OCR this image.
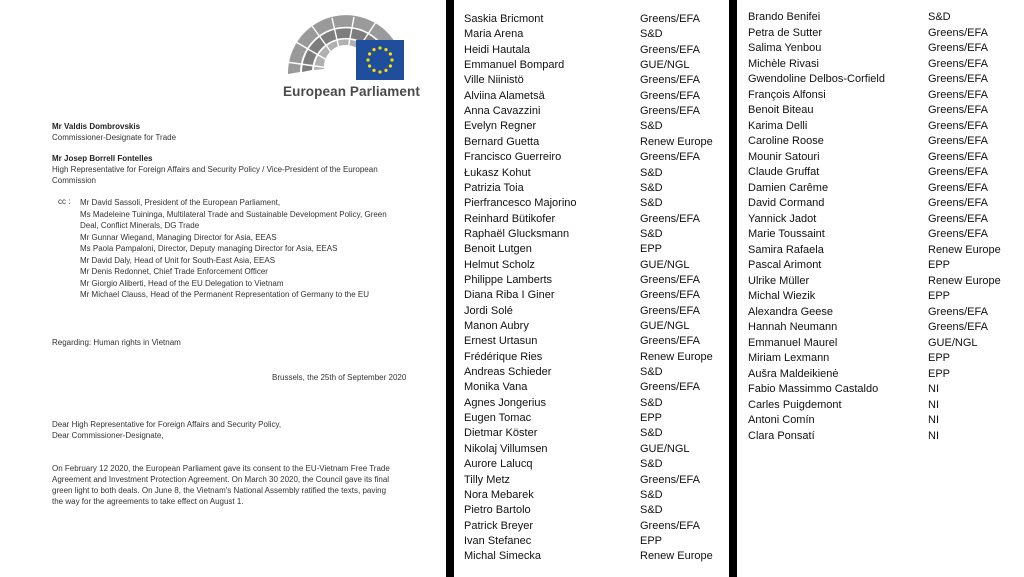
European Parliament
Mr Valdis Dombrovskis
Commissioner-Designate for Trade
Mr Josep Borrell Fontelles
High Representative for Foreign Affairs and Security Policy / Vice-President of the European
Commission
cc : Mr David Sassoli, President of the European Parliament,
Ms Madeleine Tuininga, Multilateral Trade and Sustainable Development Policy, Green
Deal, Conflict Minerals, DG Trade
Mr Gunnar Wiegand, Managing Director for Asia, EEAS
Ms Paola Pampaloni, Director, Deputy managing Director for Asia, EEAS
Mr David Daly, Head of Unit for South-East Asia, EEAS
Mr Denis Redonnet, Chief Trade Enforcement Officer
Mr Giorgio Aliberti, Head of the EU Delegation to Vietnam
Mr Michael Clauss, Head of the Permanent Representation of Germany to the EU
Regarding: Human rights in Vietnam
Brussels, the 25th of September 2020
Dear High Representative for Foreign Affairs and Security Policy,
Dear Commissioner-Designate,
On February 12 2020, the European Parliament gave its consent to the EU-Vietnam Free Trade
Agreement and Investment Protection Agreement. On March 30 2020, the Council gave its final
green light to both deals. On June 8, the Vietnam's National Assembly ratified the texts, paving
the way for the agreements to take effect on August 1.
Saskia Bricmont	Greens/EFA
Maria Arena	S&D
Heidi Hautala	Greens/EFA
Emmanuel Bompard	GUE/NGL
Ville Niinistö	Greens/EFA
Alviina Alametsä	Greens/EFA
Anna Cavazzini	Greens/EFA
Evelyn Regner	S&D
Bernard Guetta	Renew Europe
Francisco Guerreiro	Greens/EFA
Łukasz Kohut	S&D
Patrizia Toia	S&D
Pierfrancesco Majorino	S&D
Reinhard Bütikofer	Greens/EFA
Raphaël Glucksmann	S&D
Benoit Lutgen	EPP
Helmut Scholz	GUE/NGL
Philippe Lamberts	Greens/EFA
Diana Riba I Giner	Greens/EFA
Jordi Solé	Greens/EFA
Manon Aubry	GUE/NGL
Ernest Urtasun	Greens/EFA
Frédérique Ries	Renew Europe
Andreas Schieder	S&D
Monika Vana	Greens/EFA
Agnes Jongerius	S&D
Eugen Tomac	EPP
Dietmar Köster	S&D
Nikolaj Villumsen	GUE/NGL
Aurore Lalucq	S&D
Tilly Metz	Greens/EFA
Nora Mebarek	S&D
Pietro Bartolo	S&D
Patrick Breyer	Greens/EFA
Ivan Stefanec	EPP
Michal Simecka	Renew Europe
Brando Benifei	S&D
Petra de Sutter	Greens/EFA
Salima Yenbou	Greens/EFA
Michèle Rivasi	Greens/EFA
Gwendoline Delbos-Corfield	Greens/EFA
François Alfonsi	Greens/EFA
Benoit Biteau	Greens/EFA
Karima Delli	Greens/EFA
Caroline Roose	Greens/EFA
Mounir Satouri	Greens/EFA
Claude Gruffat	Greens/EFA
Damien Carême	Greens/EFA
David Cormand	Greens/EFA
Yannick Jadot	Greens/EFA
Marie Toussaint	Greens/EFA
Samira Rafaela	Renew Europe
Pascal Arimont	EPP
Ulrike Müller	Renew Europe
Michal Wiezik	EPP
Alexandra Geese	Greens/EFA
Hannah Neumann	Greens/EFA
Emmanuel Maurel	GUE/NGL
Miriam Lexmann	EPP
Aušra Maldeikienė	EPP
Fabio Massimmo Castaldo	NI
Carles Puigdemont	NI
Antoni Comín	NI
Clara Ponsatí	NI
